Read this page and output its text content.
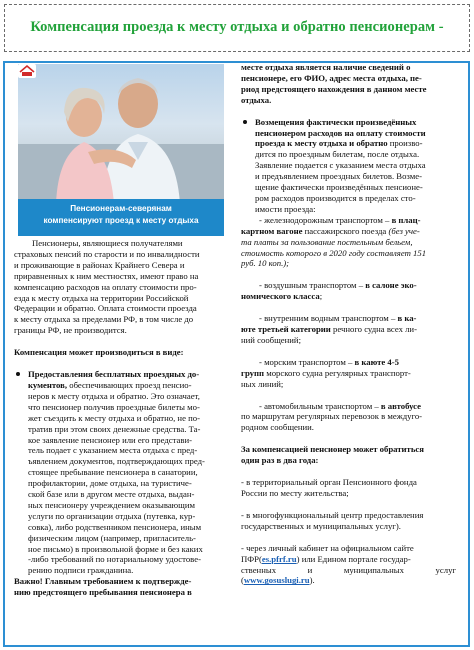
Компенсация проезда к месту отдыха и обратно пенсионерам -
Пенсионерам-северянам
компенсируют проезд к месту отдыха
Пенсионеры, являющиеся получателями
страховых пенсий по старости и по инвалидности
и проживающие в районах Крайнего Севера и
приравненных к ним местностях, имеют право на
компенсацию расходов на оплату стоимости про-
езда к месту отдыха на территории Российской
Федерации и обратно. Оплата стоимости проезда
к месту отдыха за пределами РФ, в том числе до
границы РФ, не производится.
Компенсация может производиться в виде:
Предоставления бесплатных проездных до-
кументов, обеспечивающих проезд пенсио-
неров к месту отдыха и обратно. Это означает,
что пенсионер получив проездные билеты мо-
жет съездить к месту отдыха и обратно, не по-
тратив при этом своих денежные средства. Та-
кое заявление пенсионер или его представи-
тель подает с указанием места отдыха с пред-
ъявлением документов, подтверждающих пред-
стоящее пребывание пенсионера в санатории,
профилактории, доме отдыха, на туристиче-
ской базе или в другом месте отдыха, выдан-
ных пенсионеру учреждением оказывающим
услуги по организации отдыха (путевка, кур-
совка), либо родственником пенсионера, иным
физическим лицом (например, пригласитель-
ное письмо) в произвольной форме и без каких
-либо требований по нотариальному удостове-
рению подписи гражданина.
Важно! Главным требованием к подтвержде-
нию предстоящего пребывания пенсионера в
месте отдыха является наличие сведений о
пенсионере, его ФИО, адрес места отдыха, пе-
риод предстоящего нахождения в данном месте
отдыха.
Возмещения фактически произведённых
пенсионером расходов на оплату стоимости
проезда к месту отдыха и обратно произво-
дится по проездным билетам, после отдыха.
Заявление подается с указанием места отдыха
и предъявлением проездных билетов. Возме-
щение фактически произведённых пенсионе-
ром расходов производится в пределах сто-
имости проезда:
- железнодорожным транспортом – в плац-
картном вагоне пассажирского поезда (без уче-
та платы за пользование постельным бельем,
стоимость которого в 2020 году составляет 151
руб. 10 коп.);
- воздушным транспортом – в салоне эко-
номического класса;
- внутренним водным транспортом – в ка-
юте третьей категории речного судна всех ли-
ний сообщений;
- морским транспортом – в каюте 4-5
групп морского судна регулярных транспорт-
ных линий;
- автомобильным транспортом – в автобусе
по маршрутам регулярных перевозок в междуго-
родном сообщении.
За компенсацией пенсионер может обратиться
один раз в два года:
- в территориальный орган Пенсионного фонда
России по месту жительства;
- в многофункциональный центр предоставления
государственных и муниципальных услуг).
- через личный кабинет на официальном сайте
ПФР(es.pfrf.ru) или Едином портале государ-
ственных	и	муниципальных	услуг
(www.gosuslugi.ru).
